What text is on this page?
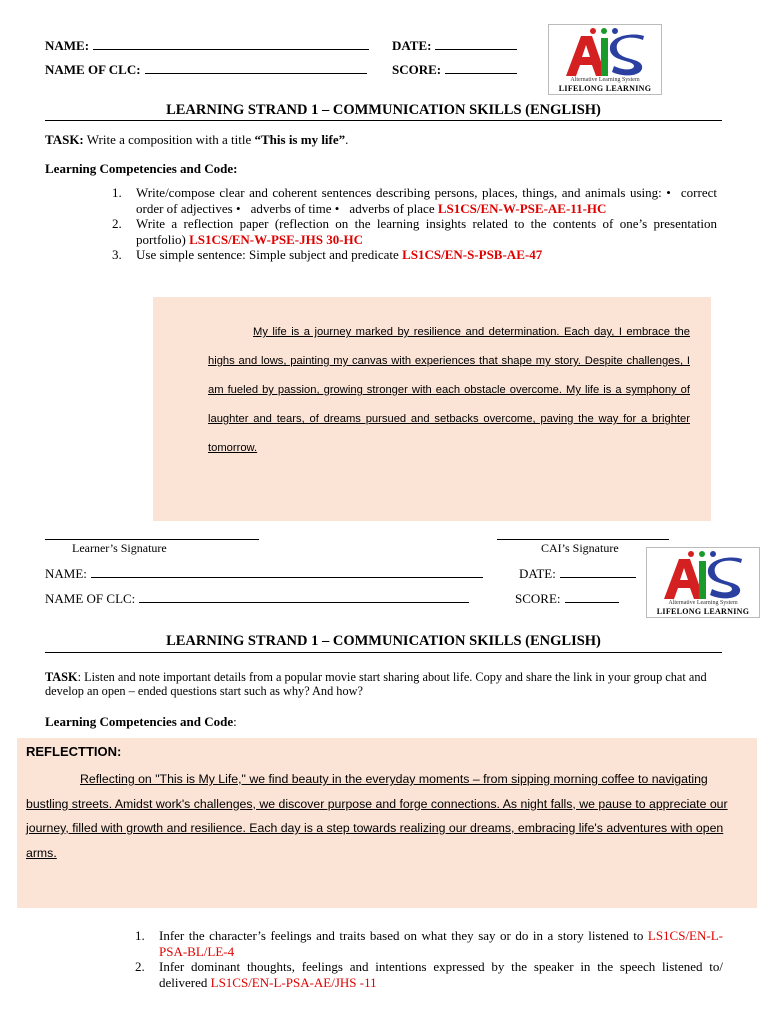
NAME:	DATE:
NAME OF CLC:	SCORE:
Alternative Learning System
LIFELONG LEARNING
LEARNING STRAND 1 – COMMUNICATION SKILLS (ENGLISH)
TASK: Write a composition with a title “This is my life”.
Learning Competencies and Code:
1. Write/compose clear and coherent sentences describing persons, places, things, and animals using: • correct order of adjectives • adverbs of time • adverbs of place LS1CS/EN-W-PSE-AE-11-HC
2. Write a reflection paper (reflection on the learning insights related to the contents of one’s presentation portfolio) LS1CS/EN-W-PSE-JHS 30-HC
3. Use simple sentence: Simple subject and predicate LS1CS/EN-S-PSB-AE-47
My life is a journey marked by resilience and determination. Each day, I embrace the highs and lows, painting my canvas with experiences that shape my story. Despite challenges, I am fueled by passion, growing stronger with each obstacle overcome. My life is a symphony of laughter and tears, of dreams pursued and setbacks overcome, paving the way for a brighter tomorrow.
Learner’s Signature	CAI’s Signature
NAME:	DATE:
NAME OF CLC:	SCORE:	Alternative Learning System
LIFELONG LEARNING
LEARNING STRAND 1 – COMMUNICATION SKILLS (ENGLISH)
TASK: Listen and note important details from a popular movie start sharing about life. Copy and share the link in your group chat and develop an open – ended questions start such as why? And how?
Learning Competencies and Code:
REFLECTTION:
Reflecting on "This is My Life," we find beauty in the everyday moments – from sipping morning coffee to navigating bustling streets. Amidst work's challenges, we discover purpose and forge connections. As night falls, we pause to appreciate our journey, filled with growth and resilience. Each day is a step towards realizing our dreams, embracing life's adventures with open arms.
1. Infer the character’s feelings and traits based on what they say or do in a story listened to LS1CS/EN-L-PSA-BL/LE-4
2. Infer dominant thoughts, feelings and intentions expressed by the speaker in the speech listened to/ delivered LS1CS/EN-L-PSA-AE/JHS -11
